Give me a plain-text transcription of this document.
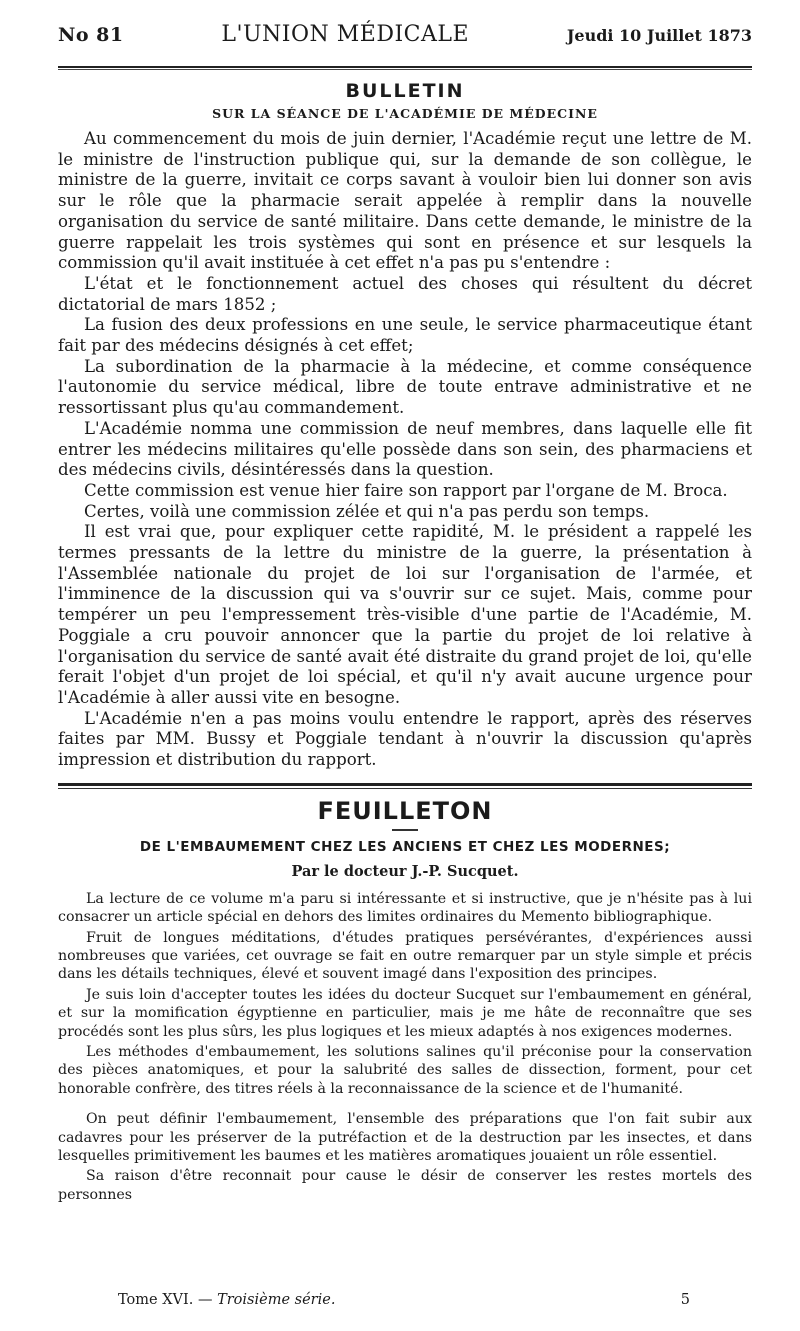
No 81	L'UNION MÉDICALE	Jeudi 10 Juillet 1873
BULLETIN
SUR LA SÉANCE DE L'ACADÉMIE DE MÉDECINE

Au commencement du mois de juin dernier, l'Académie reçut une lettre de M. le ministre de l'instruction publique qui, sur la demande de son collègue, le ministre de la guerre, invitait ce corps savant à vouloir bien lui donner son avis sur le rôle que la pharmacie serait appelée à remplir dans la nouvelle organisation du service de santé militaire. Dans cette demande, le ministre de la guerre rappelait les trois systèmes qui sont en présence et sur lesquels la commission qu'il avait instituée à cet effet n'a pas pu s'entendre :

L'état et le fonctionnement actuel des choses qui résultent du décret dictatorial de mars 1852 ;

La fusion des deux professions en une seule, le service pharmaceutique étant fait par des médecins désignés à cet effet;

La subordination de la pharmacie à la médecine, et comme conséquence l'autonomie du service médical, libre de toute entrave administrative et ne ressortissant plus qu'au commandement.

L'Académie nomma une commission de neuf membres, dans laquelle elle fit entrer les médecins militaires qu'elle possède dans son sein, des pharmaciens et des médecins civils, désintéressés dans la question.

Cette commission est venue hier faire son rapport par l'organe de M. Broca.

Certes, voilà une commission zélée et qui n'a pas perdu son temps.

Il est vrai que, pour expliquer cette rapidité, M. le président a rappelé les termes pressants de la lettre du ministre de la guerre, la présentation à l'Assemblée nationale du projet de loi sur l'organisation de l'armée, et l'imminence de la discussion qui va s'ouvrir sur ce sujet. Mais, comme pour tempérer un peu l'empressement très-visible d'une partie de l'Académie, M. Poggiale a cru pouvoir annoncer que la partie du projet de loi relative à l'organisation du service de santé avait été distraite du grand projet de loi, qu'elle ferait l'objet d'un projet de loi spécial, et qu'il n'y avait aucune urgence pour l'Académie à aller aussi vite en besogne.

L'Académie n'en a pas moins voulu entendre le rapport, après des réserves faites par MM. Bussy et Poggiale tendant à n'ouvrir la discussion qu'après impression et distribution du rapport.

FEUILLETON
DE L'EMBAUMEMENT CHEZ LES ANCIENS ET CHEZ LES MODERNES;
Par le docteur J.-P. Sucquet.

La lecture de ce volume m'a paru si intéressante et si instructive, que je n'hésite pas à lui consacrer un article spécial en dehors des limites ordinaires du Memento bibliographique.

Fruit de longues méditations, d'études pratiques persévérantes, d'expériences aussi nombreuses que variées, cet ouvrage se fait en outre remarquer par un style simple et précis dans les détails techniques, élevé et souvent imagé dans l'exposition des principes.

Je suis loin d'accepter toutes les idées du docteur Sucquet sur l'embaumement en général, et sur la momification égyptienne en particulier, mais je me hâte de reconnaître que ses procédés sont les plus sûrs, les plus logiques et les mieux adaptés à nos exigences modernes.

Les méthodes d'embaumement, les solutions salines qu'il préconise pour la conservation des pièces anatomiques, et pour la salubrité des salles de dissection, forment, pour cet honorable confrère, des titres réels à la reconnaissance de la science et de l'humanité.

On peut définir l'embaumement, l'ensemble des préparations que l'on fait subir aux cadavres pour les préserver de la putréfaction et de la destruction par les insectes, et dans lesquelles primitivement les baumes et les matières aromatiques jouaient un rôle essentiel.

Sa raison d'être reconnait pour cause le désir de conserver les restes mortels des personnes

Tome XVI. — Troisième série.	5
